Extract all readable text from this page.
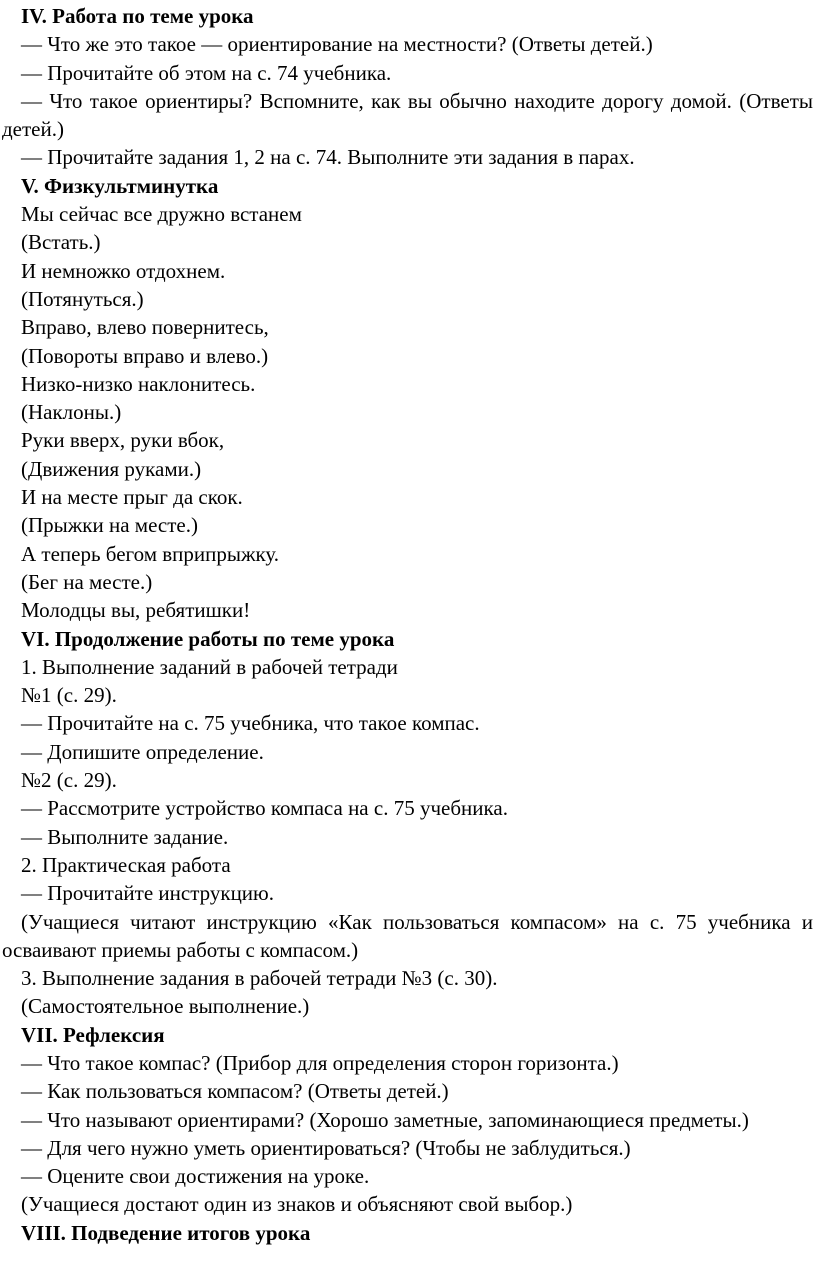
IV. Работа по теме урока

— Что же это такое — ориентирование на местности? (Ответы детей.)

— Прочитайте об этом на с. 74 учебника.

— Что такое ориентиры? Вспомните, как вы обычно находите дорогу домой. (Ответы детей.)

— Прочитайте задания 1, 2 на с. 74. Выполните эти задания в парах.

V. Физкультминутка

Мы сейчас все дружно встанем

(Встать.)

И немножко отдохнем.

(Потянуться.)

Вправо, влево повернитесь,

(Повороты вправо и влево.)

Низко-низко наклонитесь.

(Наклоны.)

Руки вверх, руки вбок,

(Движения руками.)

И на месте прыг да скок.

(Прыжки на месте.)

А теперь бегом вприпрыжку.

(Бег на месте.)

Молодцы вы, ребятишки!

VI. Продолжение работы по теме урока

1. Выполнение заданий в рабочей тетради

№1 (с. 29).

— Прочитайте на с. 75 учебника, что такое компас.

— Допишите определение.

№2 (с. 29).

— Рассмотрите устройство компаса на с. 75 учебника.

— Выполните задание.

2. Практическая работа

— Прочитайте инструкцию.

(Учащиеся читают инструкцию «Как пользоваться компасом» на с. 75 учебника и осваивают приемы работы с компасом.)

3. Выполнение задания в рабочей тетради №3 (с. 30).

(Самостоятельное выполнение.)

VII. Рефлексия

— Что такое компас? (Прибор для определения сторон горизонта.)

— Как пользоваться компасом? (Ответы детей.)

— Что называют ориентирами? (Хорошо заметные, запоминающиеся предметы.)

— Для чего нужно уметь ориентироваться? (Чтобы не заблудиться.)

— Оцените свои достижения на уроке.

(Учащиеся достают один из знаков и объясняют свой выбор.)

VIII. Подведение итогов урока
